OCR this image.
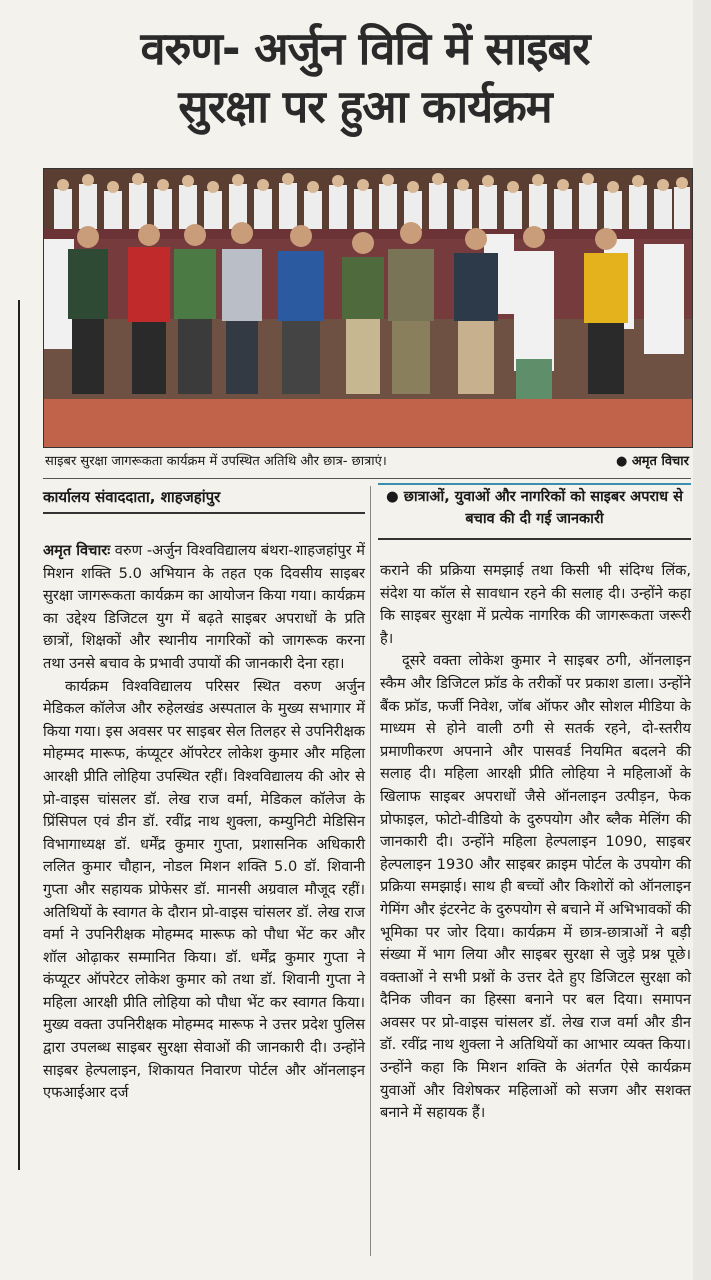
वरुण- अर्जुन विवि में साइबर
सुरक्षा पर हुआ कार्यक्रम
साइबर सुरक्षा जागरूकता कार्यक्रम में उपस्थित अतिथि और छात्र- छात्राएं।	● अमृत विचार
कार्यालय संवाददाता, शाहजहांपुर	● छात्राओं, युवाओं और नागरिकों को साइबर अपराध से बचाव की दी गई जानकारी

अमृत विचारः वरुण -अर्जुन विश्वविद्यालय बंथरा-शाहजहांपुर में मिशन शक्ति 5.0 अभियान के तहत एक दिवसीय साइबर सुरक्षा जागरूकता कार्यक्रम का आयोजन किया गया। कार्यक्रम का उद्देश्य डिजिटल युग में बढ़ते साइबर अपराधों के प्रति छात्रों, शिक्षकों और स्थानीय नागरिकों को जागरूक करना तथा उनसे बचाव के प्रभावी उपायों की जानकारी देना रहा।

कार्यक्रम विश्वविद्यालय परिसर स्थित वरुण अर्जुन मेडिकल कॉलेज और रुहेलखंड अस्पताल के मुख्य सभागार में किया गया। इस अवसर पर साइबर सेल तिलहर से उपनिरीक्षक मोहम्मद मारूफ, कंप्यूटर ऑपरेटर लोकेश कुमार और महिला आरक्षी प्रीति लोहिया उपस्थित रहीं। विश्वविद्यालय की ओर से प्रो-वाइस चांसलर डॉ. लेख राज वर्मा, मेडिकल कॉलेज के प्रिंसिपल एवं डीन डॉ. रवींद्र नाथ शुक्ला, कम्युनिटी मेडिसिन विभागाध्यक्ष डॉ. धर्मेंद्र कुमार गुप्ता, प्रशासनिक अधिकारी ललित कुमार चौहान, नोडल मिशन शक्ति 5.0 डॉ. शिवानी गुप्ता और सहायक प्रोफेसर डॉ. मानसी अग्रवाल मौजूद रहीं। अतिथियों के स्वागत के दौरान प्रो-वाइस चांसलर डॉ. लेख राज वर्मा ने उपनिरीक्षक मोहम्मद मारूफ को पौधा भेंट कर और शॉल ओढ़ाकर सम्मानित किया। डॉ. धर्मेंद्र कुमार गुप्ता ने कंप्यूटर ऑपरेटर लोकेश कुमार को तथा डॉ. शिवानी गुप्ता ने महिला आरक्षी प्रीति लोहिया को पौधा भेंट कर स्वागत किया। मुख्य वक्ता उपनिरीक्षक मोहम्मद मारूफ ने उत्तर प्रदेश पुलिस द्वारा उपलब्ध साइबर सुरक्षा सेवाओं की जानकारी दी। उन्होंने साइबर हेल्पलाइन, शिकायत निवारण पोर्टल और ऑनलाइन एफआईआर दर्ज

कराने की प्रक्रिया समझाई तथा किसी भी संदिग्ध लिंक, संदेश या कॉल से सावधान रहने की सलाह दी। उन्होंने कहा कि साइबर सुरक्षा में प्रत्येक नागरिक की जागरूकता जरूरी है।

दूसरे वक्ता लोकेश कुमार ने साइबर ठगी, ऑनलाइन स्कैम और डिजिटल फ्रॉड के तरीकों पर प्रकाश डाला। उन्होंने बैंक फ्रॉड, फर्जी निवेश, जॉब ऑफर और सोशल मीडिया के माध्यम से होने वाली ठगी से सतर्क रहने, दो-स्तरीय प्रमाणीकरण अपनाने और पासवर्ड नियमित बदलने की सलाह दी। महिला आरक्षी प्रीति लोहिया ने महिलाओं के खिलाफ साइबर अपराधों जैसे ऑनलाइन उत्पीड़न, फेक प्रोफाइल, फोटो-वीडियो के दुरुपयोग और ब्लैक मेलिंग की जानकारी दी। उन्होंने महिला हेल्पलाइन 1090, साइबर हेल्पलाइन 1930 और साइबर क्राइम पोर्टल के उपयोग की प्रक्रिया समझाई। साथ ही बच्चों और किशोरों को ऑनलाइन गेमिंग और इंटरनेट के दुरुपयोग से बचाने में अभिभावकों की भूमिका पर जोर दिया। कार्यक्रम में छात्र-छात्राओं ने बड़ी संख्या में भाग लिया और साइबर सुरक्षा से जुड़े प्रश्न पूछे। वक्ताओं ने सभी प्रश्नों के उत्तर देते हुए डिजिटल सुरक्षा को दैनिक जीवन का हिस्सा बनाने पर बल दिया। समापन अवसर पर प्रो-वाइस चांसलर डॉ. लेख राज वर्मा और डीन डॉ. रवींद्र नाथ शुक्ला ने अतिथियों का आभार व्यक्त किया। उन्होंने कहा कि मिशन शक्ति के अंतर्गत ऐसे कार्यक्रम युवाओं और विशेषकर महिलाओं को सजग और सशक्त बनाने में सहायक हैं।
